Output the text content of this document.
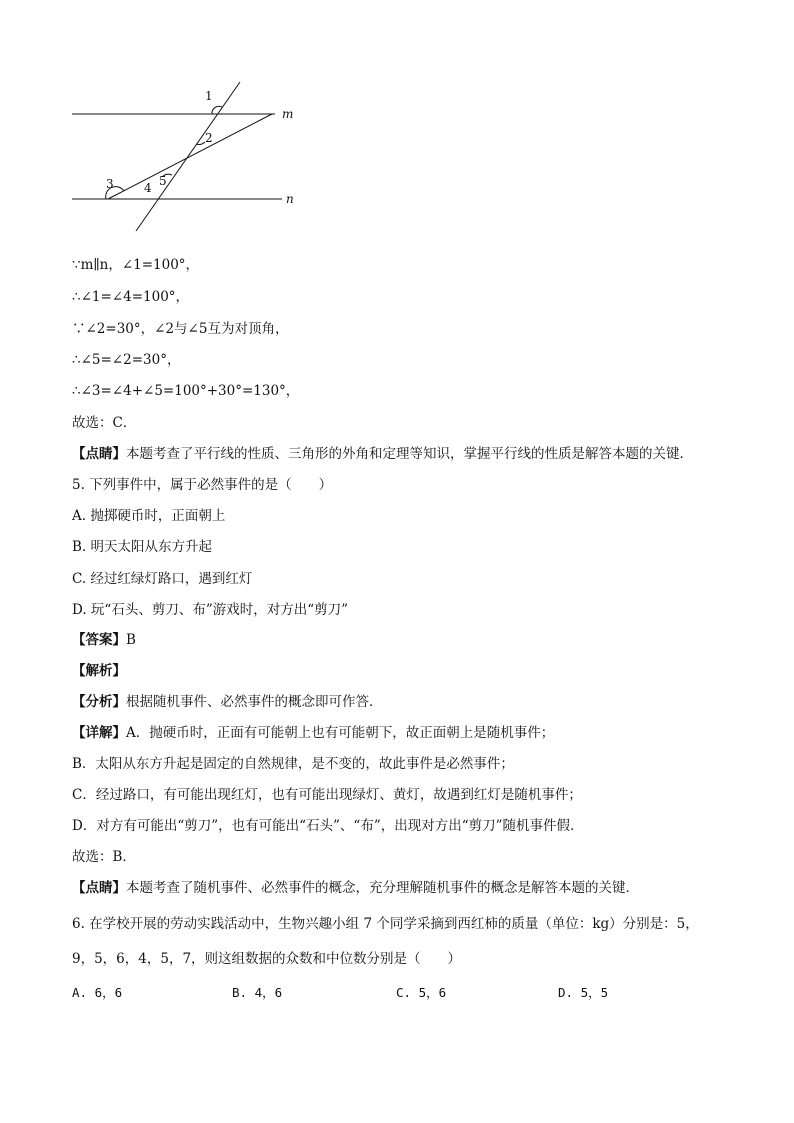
1
2
3	4 5
m
n
∵m∥n，∠1=100°，
∴∠1=∠4=100°，
∵∠2=30°，∠2与∠5互为对顶角，
∴∠5=∠2=30°，
∴∠3=∠4+∠5=100°+30°=130°，
故选：C．
【点睛】本题考查了平行线的性质、三角形的外角和定理等知识，掌握平行线的性质是解答本题的关键．
5. 下列事件中，属于必然事件的是（　　）
A. 抛掷硬币时，正面朝上
B. 明天太阳从东方升起
C. 经过红绿灯路口，遇到红灯
D. 玩“石头、剪刀、布”游戏时，对方出“剪刀”
【答案】B
【解析】
【分析】根据随机事件、必然事件的概念即可作答．
【详解】A．抛硬币时，正面有可能朝上也有可能朝下，故正面朝上是随机事件；
B．太阳从东方升起是固定的自然规律，是不变的，故此事件是必然事件；
C．经过路口，有可能出现红灯，也有可能出现绿灯、黄灯，故遇到红灯是随机事件；
D．对方有可能出“剪刀”，也有可能出“石头”、“布”，出现对方出“剪刀”随机事件假．
故选：B．
【点睛】本题考查了随机事件、必然事件的概念，充分理解随机事件的概念是解答本题的关键．
6. 在学校开展的劳动实践活动中，生物兴趣小组 7 个同学采摘到西红柿的质量（单位：kg）分别是：5，
9，5，6，4，5，7，则这组数据的众数和中位数分别是（　　）
A. 6，6	B. 4，6	C. 5，6	D. 5，5
